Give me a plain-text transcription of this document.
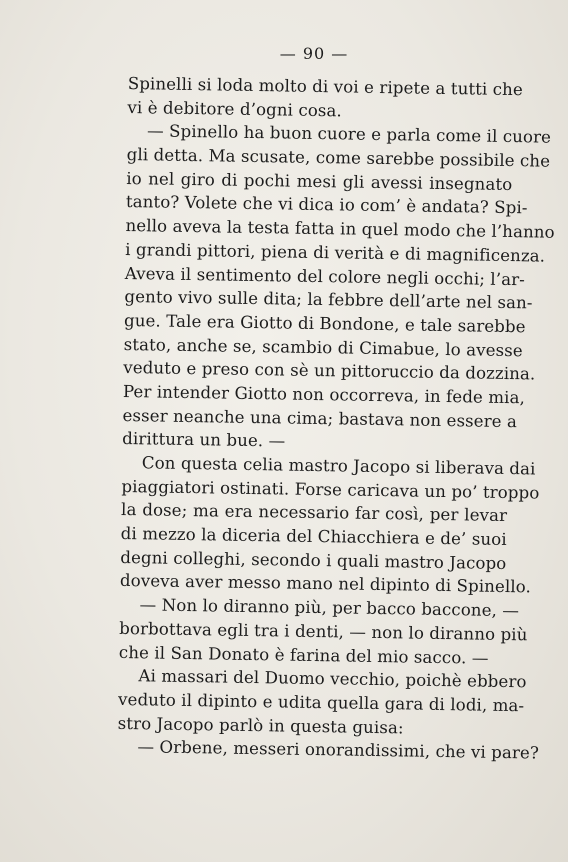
— 90 —
Spinelli si loda molto di voi e ripete a tutti che
vi è debitore d’ogni cosa.
— Spinello ha buon cuore e parla come il cuore
gli detta. Ma scusate, come sarebbe possibile che
io nel giro di pochi mesi gli avessi insegnato
tanto? Volete che vi dica io com’ è andata? Spi-
nello aveva la testa fatta in quel modo che l’hanno
i grandi pittori, piena di verità e di magnificenza.
Aveva il sentimento del colore negli occhi; l’ar-
gento vivo sulle dita; la febbre dell’arte nel san-
gue. Tale era Giotto di Bondone, e tale sarebbe
stato, anche se, scambio di Cimabue, lo avesse
veduto e preso con sè un pittoruccio da dozzina.
Per intender Giotto non occorreva, in fede mia,
esser neanche una cima; bastava non essere a
dirittura un bue. —
Con questa celia mastro Jacopo si liberava dai
piaggiatori ostinati. Forse caricava un po’ troppo
la dose; ma era necessario far così, per levar
di mezzo la diceria del Chiacchiera e de’ suoi
degni colleghi, secondo i quali mastro Jacopo
doveva aver messo mano nel dipinto di Spinello.
— Non lo diranno più, per bacco baccone, —
borbottava egli tra i denti, — non lo diranno più
che il San Donato è farina del mio sacco. —
Ai massari del Duomo vecchio, poichè ebbero
veduto il dipinto e udita quella gara di lodi, ma-
stro Jacopo parlò in questa guisa:
— Orbene, messeri onorandissimi, che vi pare?
